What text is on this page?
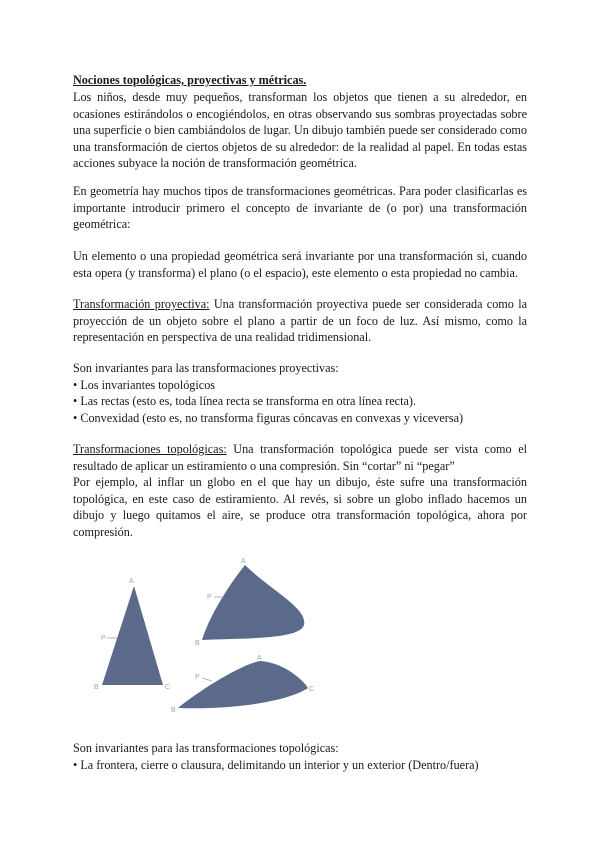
Nociones topológicas, proyectivas y métricas.

Los niños, desde muy pequeños, transforman los objetos que tienen a su alrededor, en ocasiones estirándolos o encogiéndolos, en otras observando sus sombras proyectadas sobre una superficie o bien cambiándolos de lugar. Un dibujo también puede ser considerado como una transformación de ciertos objetos de su alrededor: de la realidad al papel. En todas estas acciones subyace la noción de transformación geométrica.

En geometría hay muchos tipos de transformaciones geométricas. Para poder clasificarlas es importante introducir primero el concepto de invariante de (o por) una transformación geométrica:

Un elemento o una propiedad geométrica será invariante por una transformación si, cuando esta opera (y transforma) el plano (o el espacio), este elemento o esta propiedad no cambia.

Transformación proyectiva: Una transformación proyectiva puede ser considerada como la proyección de un objeto sobre el plano a partir de un foco de luz. Así mismo, como la representación en perspectiva de una realidad tridimensional.

Son invariantes para las transformaciones proyectivas:
• Los invariantes topológicos
• Las rectas (esto es, toda línea recta se transforma en otra línea recta).
• Convexidad (esto es, no transforma figuras cóncavas en convexas y viceversa)

Transformaciones topológicas: Una transformación topológica puede ser vista como el resultado de aplicar un estiramiento o una compresión. Sin “cortar” ni “pegar”

Por ejemplo, al inflar un globo en el que hay un dibujo, éste sufre una transformación topológica, en este caso de estiramiento. Al revés, si sobre un globo inflado hacemos un dibujo y luego quitamos el aire, se produce otra transformación topológica, ahora por compresión.

A
B	C
P
A
B
P
A
B
C
P
Son invariantes para las transformaciones topológicas:
• La frontera, cierre o clausura, delimitando un interior y un exterior (Dentro/fuera)
